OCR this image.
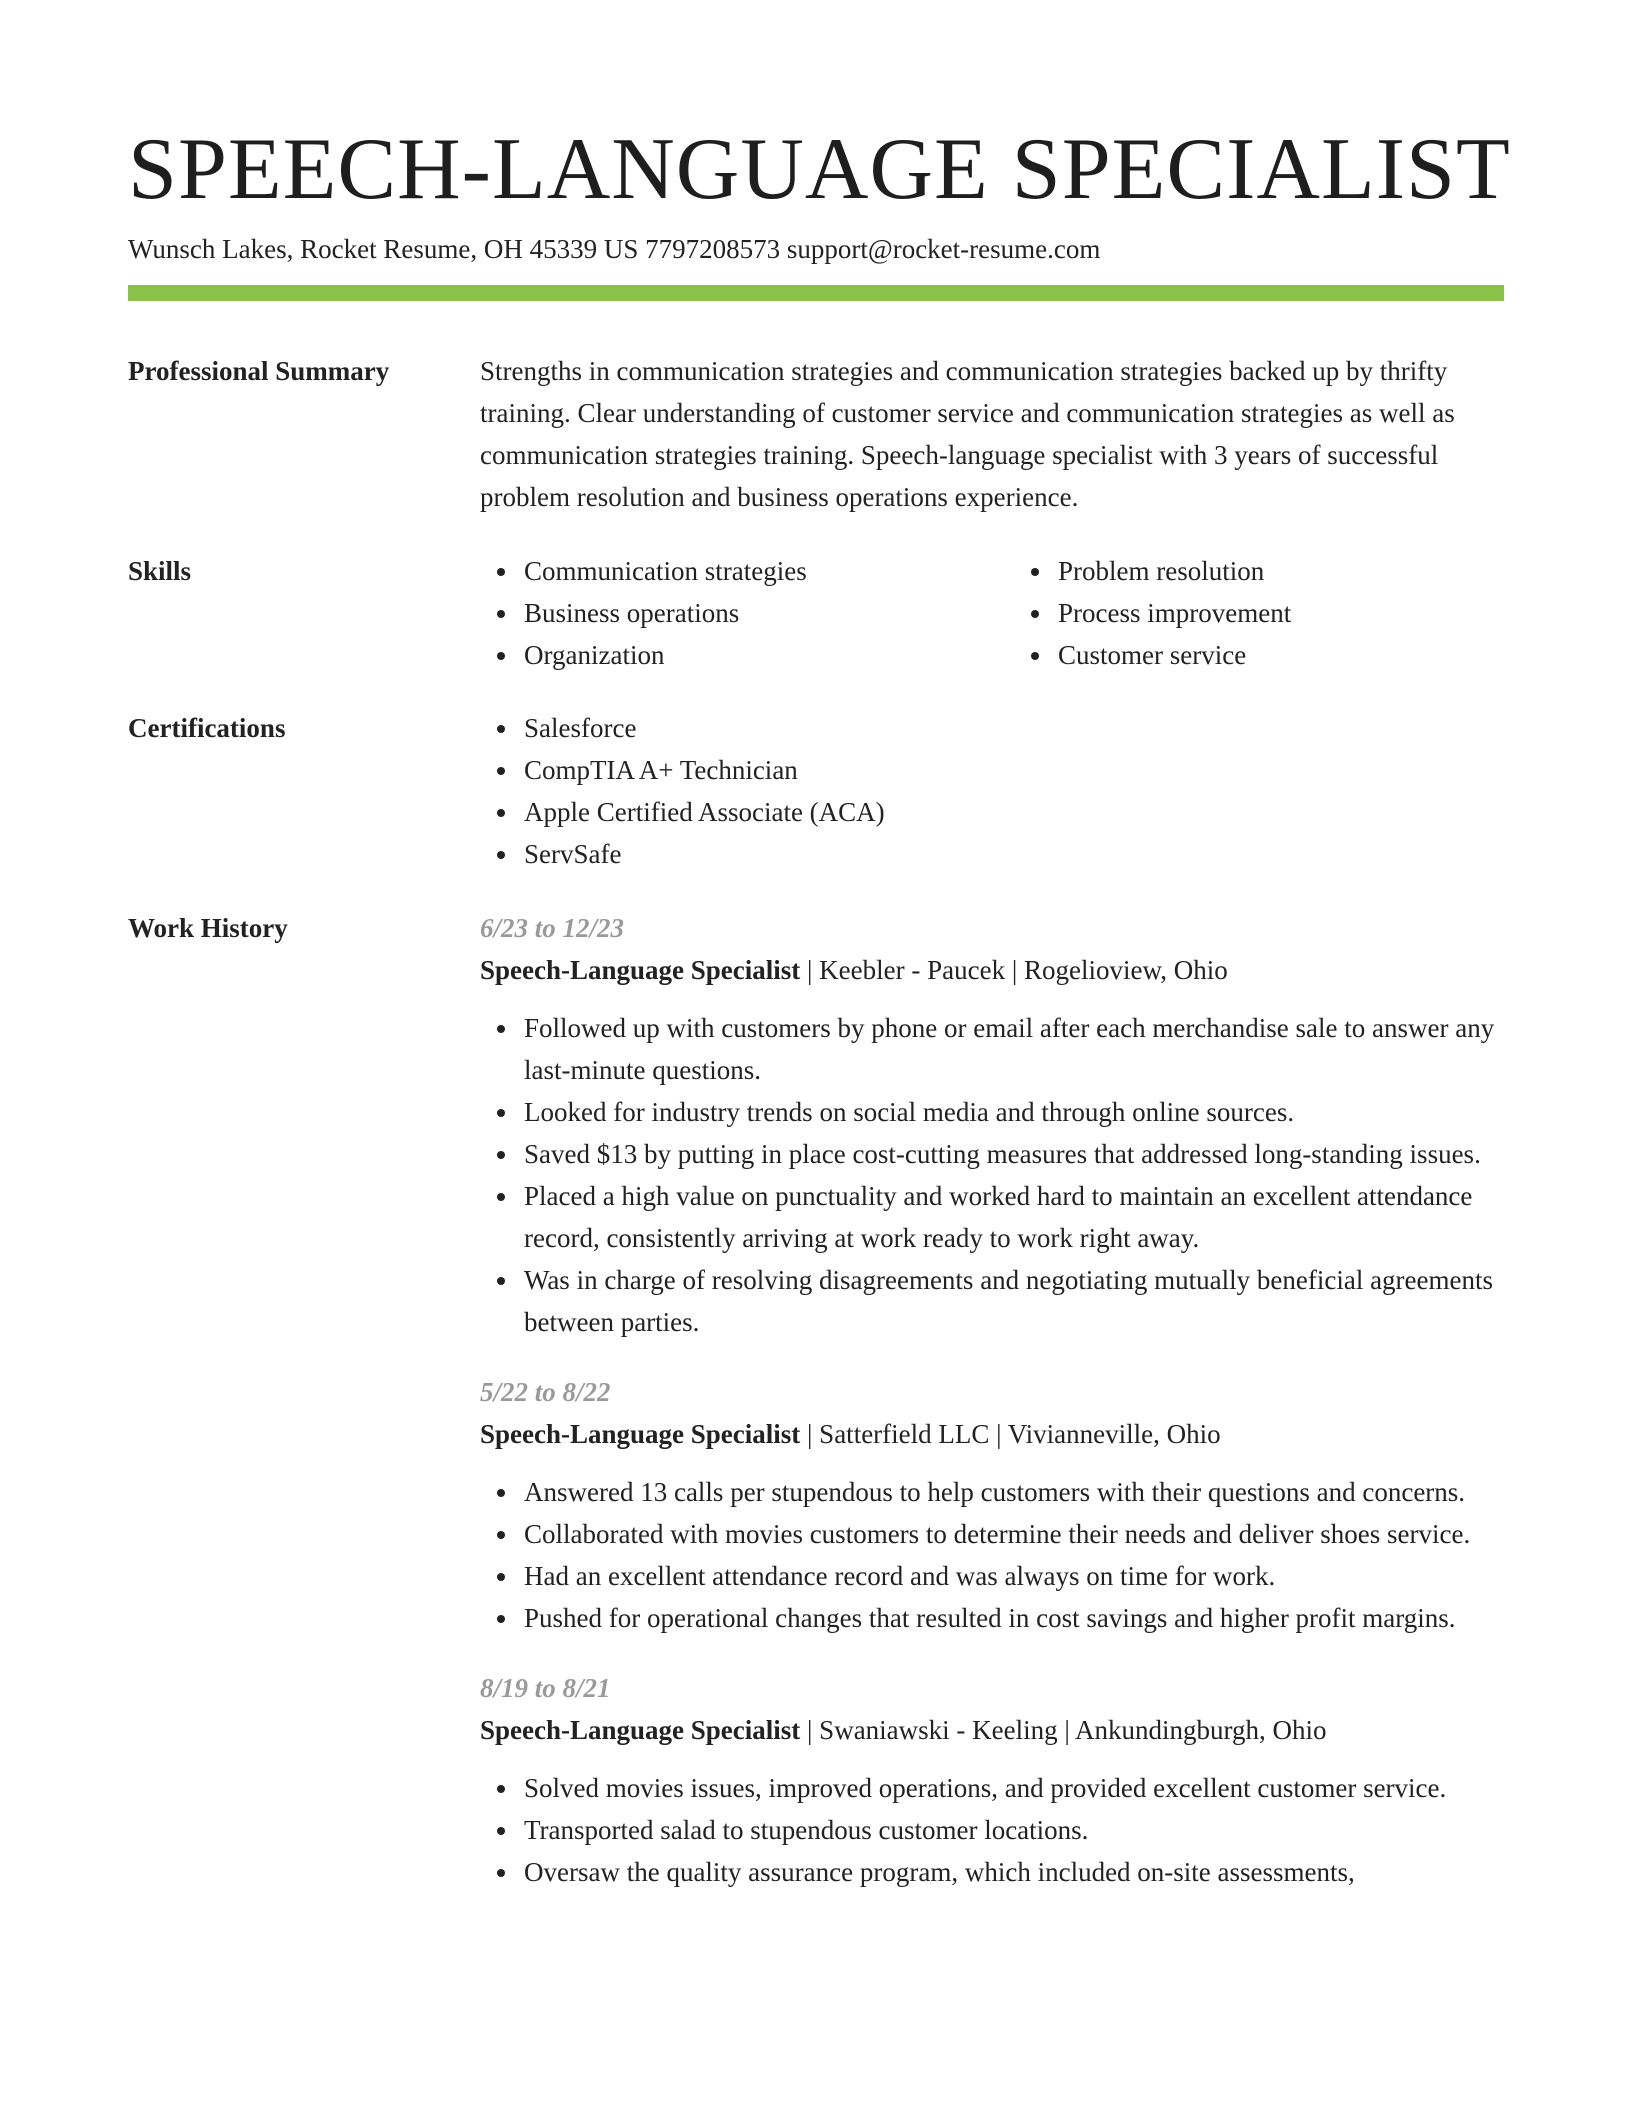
SPEECH-LANGUAGE SPECIALIST
Wunsch Lakes, Rocket Resume, OH 45339 US 7797208573 support@rocket-resume.com
Professional Summary	Strengths in communication strategies and communication strategies backed up by thrifty training. Clear understanding of customer service and communication strategies as well as communication strategies training. Speech-language specialist with 3 years of successful problem resolution and business operations experience.

Skills	Communication strategies
Business operations
Organization
Problem resolution
Process improvement
Customer service
Certifications	Salesforce
CompTIA A+ Technician
Apple Certified Associate (ACA)
ServSafe
Work History	6/23 to 12/23
Speech-Language Specialist | Keebler - Paucek | Rogelioview, Ohio
Followed up with customers by phone or email after each merchandise sale to answer any last-minute questions.
Looked for industry trends on social media and through online sources.
Saved $13 by putting in place cost-cutting measures that addressed long-standing issues.
Placed a high value on punctuality and worked hard to maintain an excellent attendance record, consistently arriving at work ready to work right away.
Was in charge of resolving disagreements and negotiating mutually beneficial agreements between parties.
5/22 to 8/22
Speech-Language Specialist | Satterfield LLC | Vivianneville, Ohio
Answered 13 calls per stupendous to help customers with their questions and concerns.
Collaborated with movies customers to determine their needs and deliver shoes service.
Had an excellent attendance record and was always on time for work.
Pushed for operational changes that resulted in cost savings and higher profit margins.
8/19 to 8/21
Speech-Language Specialist | Swaniawski - Keeling | Ankundingburgh, Ohio
Solved movies issues, improved operations, and provided excellent customer service.
Transported salad to stupendous customer locations.
Oversaw the quality assurance program, which included on-site assessments,
